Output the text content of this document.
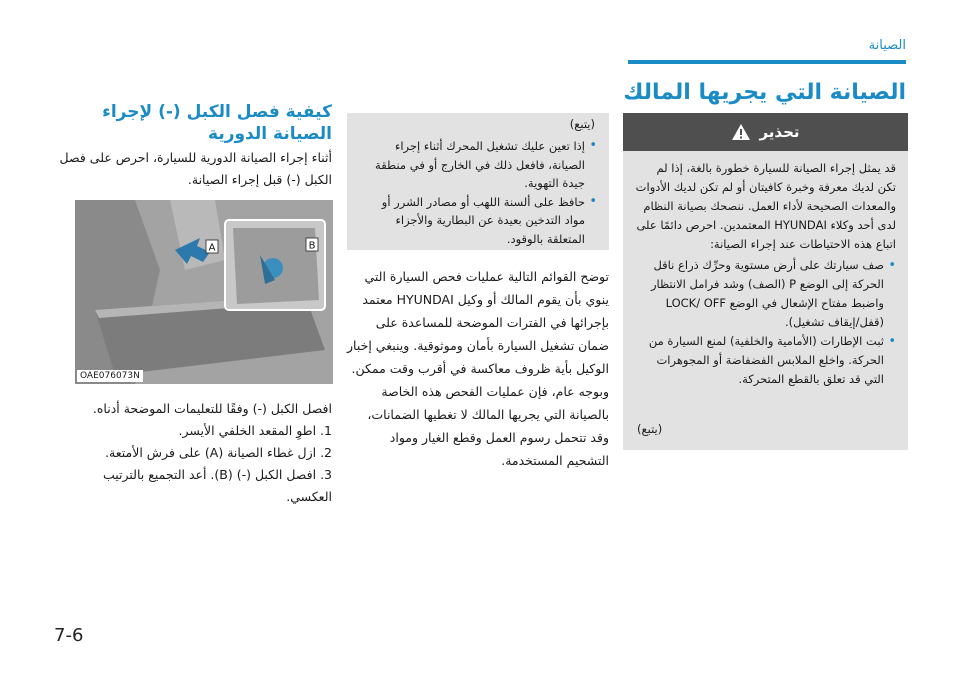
الصيانة
الصيانة التي يجريها المالك
تحذير

قد يمثل إجراء الصيانة للسيارة خطورة بالغة، إذا لم تكن لديك معرفة وخبرة كافيتان أو لم تكن لديك الأدوات والمعدات الصحيحة لأداء العمل. ننصحك بصيانة النظام لدى أحد وكلاء HYUNDAI المعتمدين. احرص دائمًا على اتباع هذه الاحتياطات عند إجراء الصيانة:

•
صف سيارتك على أرض مستوية وحرِّك ذراع ناقل الحركة إلى الوضع P (الصف) وشد فرامل الانتظار واضبط مفتاح الإشعال في الوضع LOCK/ OFF (قفل/إيقاف تشغيل).

•
ثبت الإطارات (الأمامية والخلفية) لمنع السيارة من الحركة. واخلع الملابس الفضفاضة أو المجوهرات التي قد تعلق بالقطع المتحركة.

(يتبع)
(يتبع)

•
إذا تعين عليك تشغيل المحرك أثناء إجراء الصيانة، فافعل ذلك في الخارج أو في منطقة جيدة التهوية.

•
حافظ على ألسنة اللهب أو مصادر الشرر أو مواد التدخين بعيدة عن البطارية والأجزاء المتعلقة بالوقود.

توضح القوائم التالية عمليات فحص السيارة التي ينوي بأن يقوم المالك أو وكيل HYUNDAI معتمد بإجرائها في الفترات الموضحة للمساعدة على ضمان تشغيل السيارة بأمان وموثوقية. وينبغي إخبار الوكيل بأية ظروف معاكسة في أقرب وقت ممكن. وبوجه عام، فإن عمليات الفحص هذه الخاصة بالصيانة التي يجريها المالك لا تغطيها الضمانات، وقد تتحمل رسوم العمل وقطع الغيار ومواد التشحيم المستخدمة.
كيفية فصل الكبل (-) لإجراء الصيانة الدورية
أثناء إجراء الصيانة الدورية للسيارة، احرص على فصل الكبل (-) قبل إجراء الصيانة.
A	B
OAE076073N

افصل الكبل (-) وفقًا للتعليمات الموضحة أدناه.

1. اطوِ المقعد الخلفي الأيسر.

2. ازل غطاء الصيانة (A) على فرش الأمتعة.

3. افصل الكبل (-) (B). أعد التجميع بالترتيب العكسي.

7-6
